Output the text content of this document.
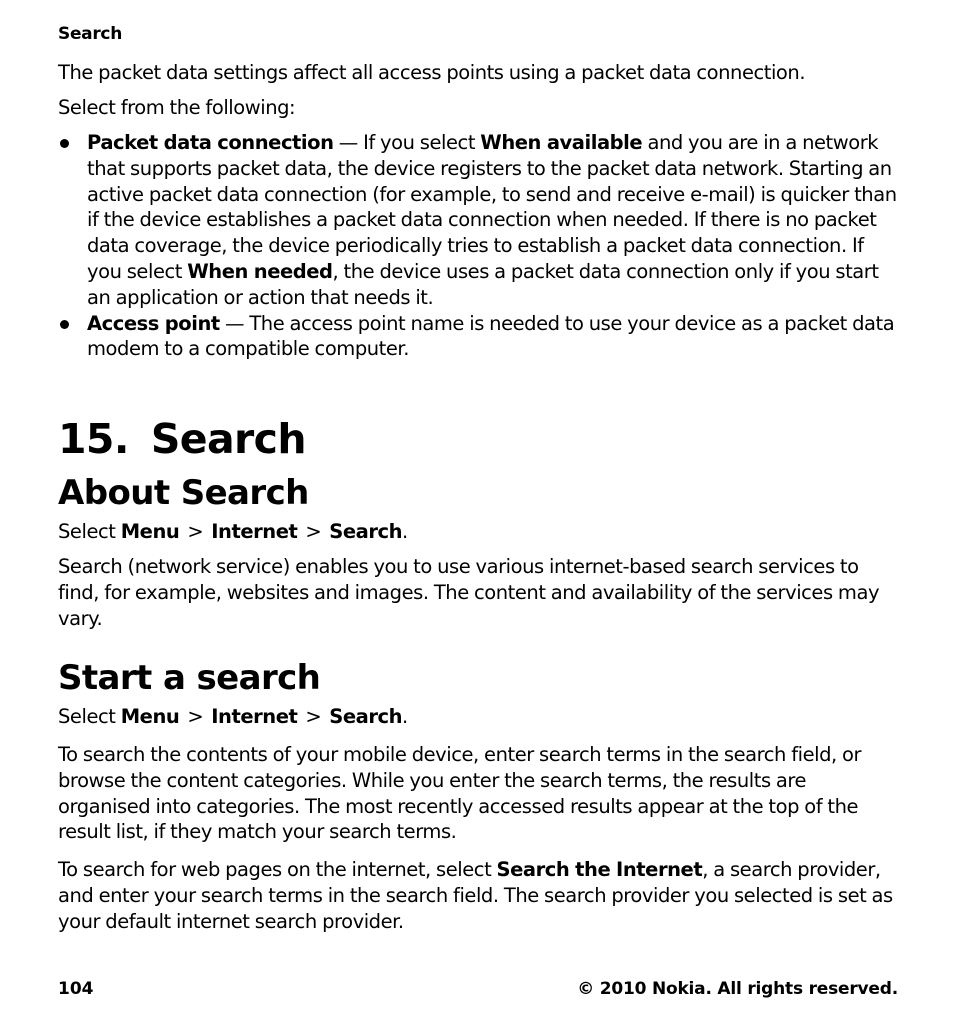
Search

The packet data settings affect all access points using a packet data connection.

Select from the following:

Packet data connection — If you select When available and you are in a network that supports packet data, the device registers to the packet data network. Starting an active packet data connection (for example, to send and receive e-mail) is quicker than if the device establishes a packet data connection when needed. If there is no packet data coverage, the device periodically tries to establish a packet data connection. If you select When needed, the device uses a packet data connection only if you start an application or action that needs it.
Access point — The access point name is needed to use your device as a packet data modem to a compatible computer.
15. Search
About Search

Select Menu > Internet > Search.

Search (network service) enables you to use various internet-based search services to find, for example, websites and images. The content and availability of the services may vary.

Start a search

Select Menu > Internet > Search.

To search the contents of your mobile device, enter search terms in the search field, or browse the content categories. While you enter the search terms, the results are organised into categories. The most recently accessed results appear at the top of the result list, if they match your search terms.

To search for web pages on the internet, select Search the Internet, a search provider, and enter your search terms in the search field. The search provider you selected is set as your default internet search provider.

104	© 2010 Nokia. All rights reserved.
